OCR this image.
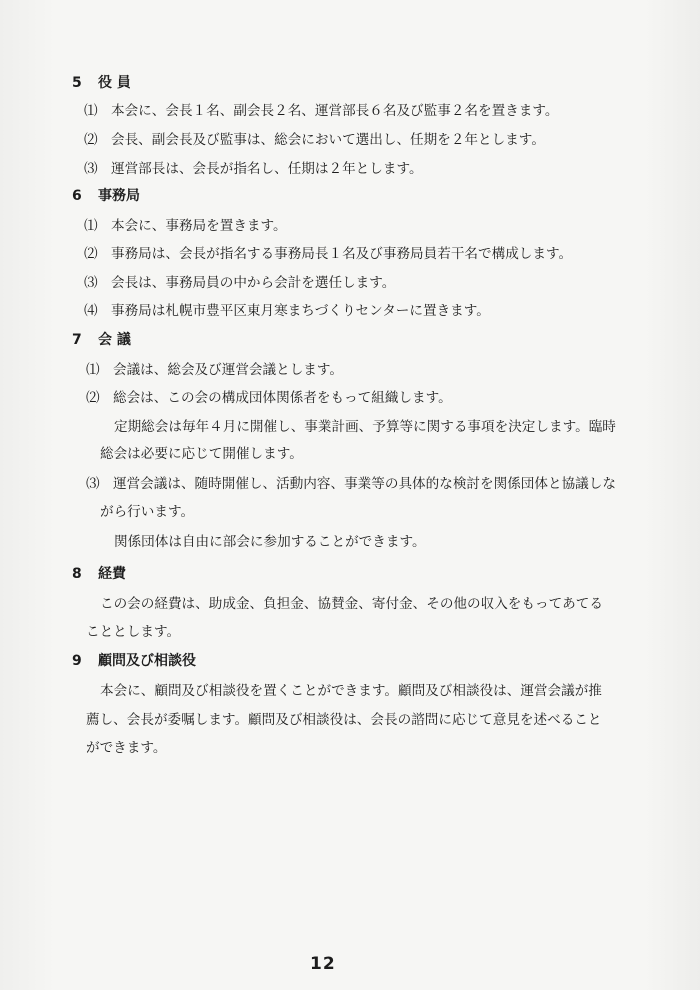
5 役 員
⑴ 本会に、会長１名、副会長２名、運営部長６名及び監事２名を置きます。
⑵ 会長、副会長及び監事は、総会において選出し、任期を２年とします。
⑶ 運営部長は、会長が指名し、任期は２年とします。
6 事務局
⑴ 本会に、事務局を置きます。
⑵ 事務局は、会長が指名する事務局長１名及び事務局員若干名で構成します。
⑶ 会長は、事務局員の中から会計を選任します。
⑷ 事務局は札幌市豊平区東月寒まちづくりセンターに置きます。
7 会 議
⑴ 会議は、総会及び運営会議とします。
⑵ 総会は、この会の構成団体関係者をもって組織します。
定期総会は毎年４月に開催し、事業計画、予算等に関する事項を決定します。臨時
総会は必要に応じて開催します。
⑶ 運営会議は、随時開催し、活動内容、事業等の具体的な検討を関係団体と協議しな
がら行います。
関係団体は自由に部会に参加することができます。
8 経費
この会の経費は、助成金、負担金、協賛金、寄付金、その他の収入をもってあてる
こととします。
9 顧問及び相談役
本会に、顧問及び相談役を置くことができます。顧問及び相談役は、運営会議が推
薦し、会長が委嘱します。顧問及び相談役は、会長の諮問に応じて意見を述べること
ができます。
12
